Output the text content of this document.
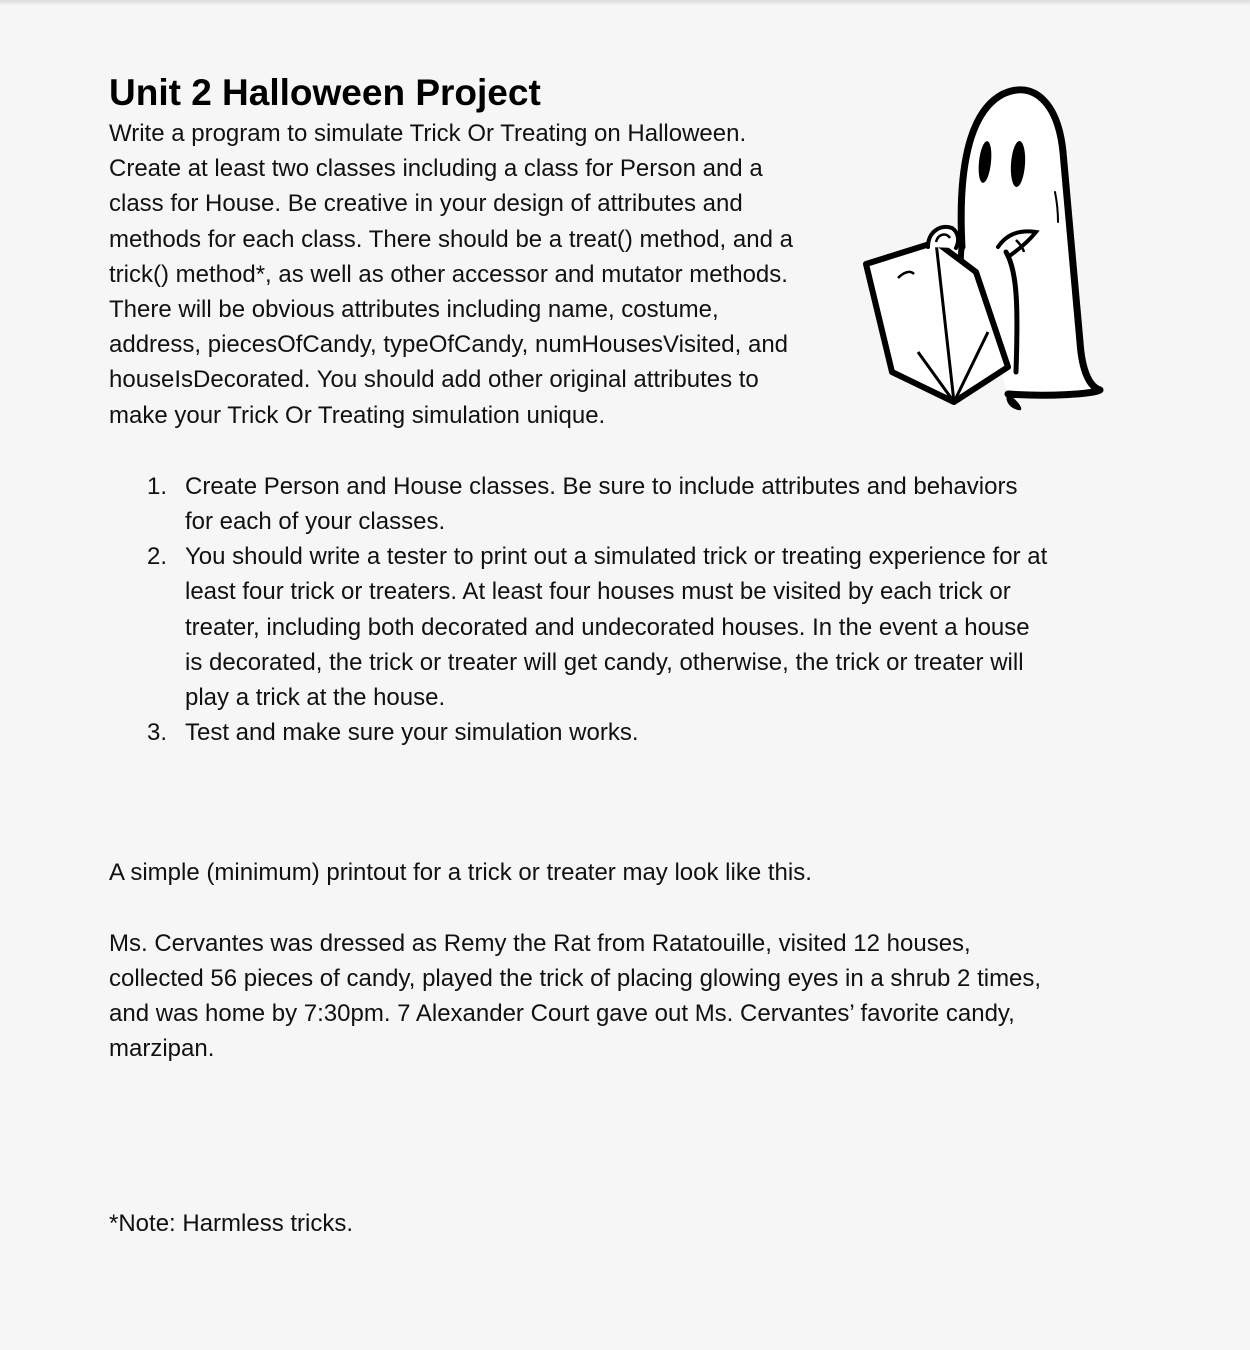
Unit 2 Halloween Project

Write a program to simulate Trick Or Treating on Halloween.
Create at least two classes including a class for Person and a
class for House. Be creative in your design of attributes and
methods for each class. There should be a treat() method, and a
trick() method*, as well as other accessor and mutator methods.
There will be obvious attributes including name, costume,
address, piecesOfCandy, typeOfCandy, numHousesVisited, and
houseIsDecorated. You should add other original attributes to
make your Trick Or Treating simulation unique.

1. Create Person and House classes. Be sure to include attributes and behaviors
for each of your classes.
2. You should write a tester to print out a simulated trick or treating experience for at
least four trick or treaters. At least four houses must be visited by each trick or
treater, including both decorated and undecorated houses. In the event a house
is decorated, the trick or treater will get candy, otherwise, the trick or treater will
play a trick at the house.
3. Test and make sure your simulation works.

A simple (minimum) printout for a trick or treater may look like this.

Ms. Cervantes was dressed as Remy the Rat from Ratatouille, visited 12 houses,
collected 56 pieces of candy, played the trick of placing glowing eyes in a shrub 2 times,
and was home by 7:30pm. 7 Alexander Court gave out Ms. Cervantes’ favorite candy,
marzipan.

*Note: Harmless tricks.
